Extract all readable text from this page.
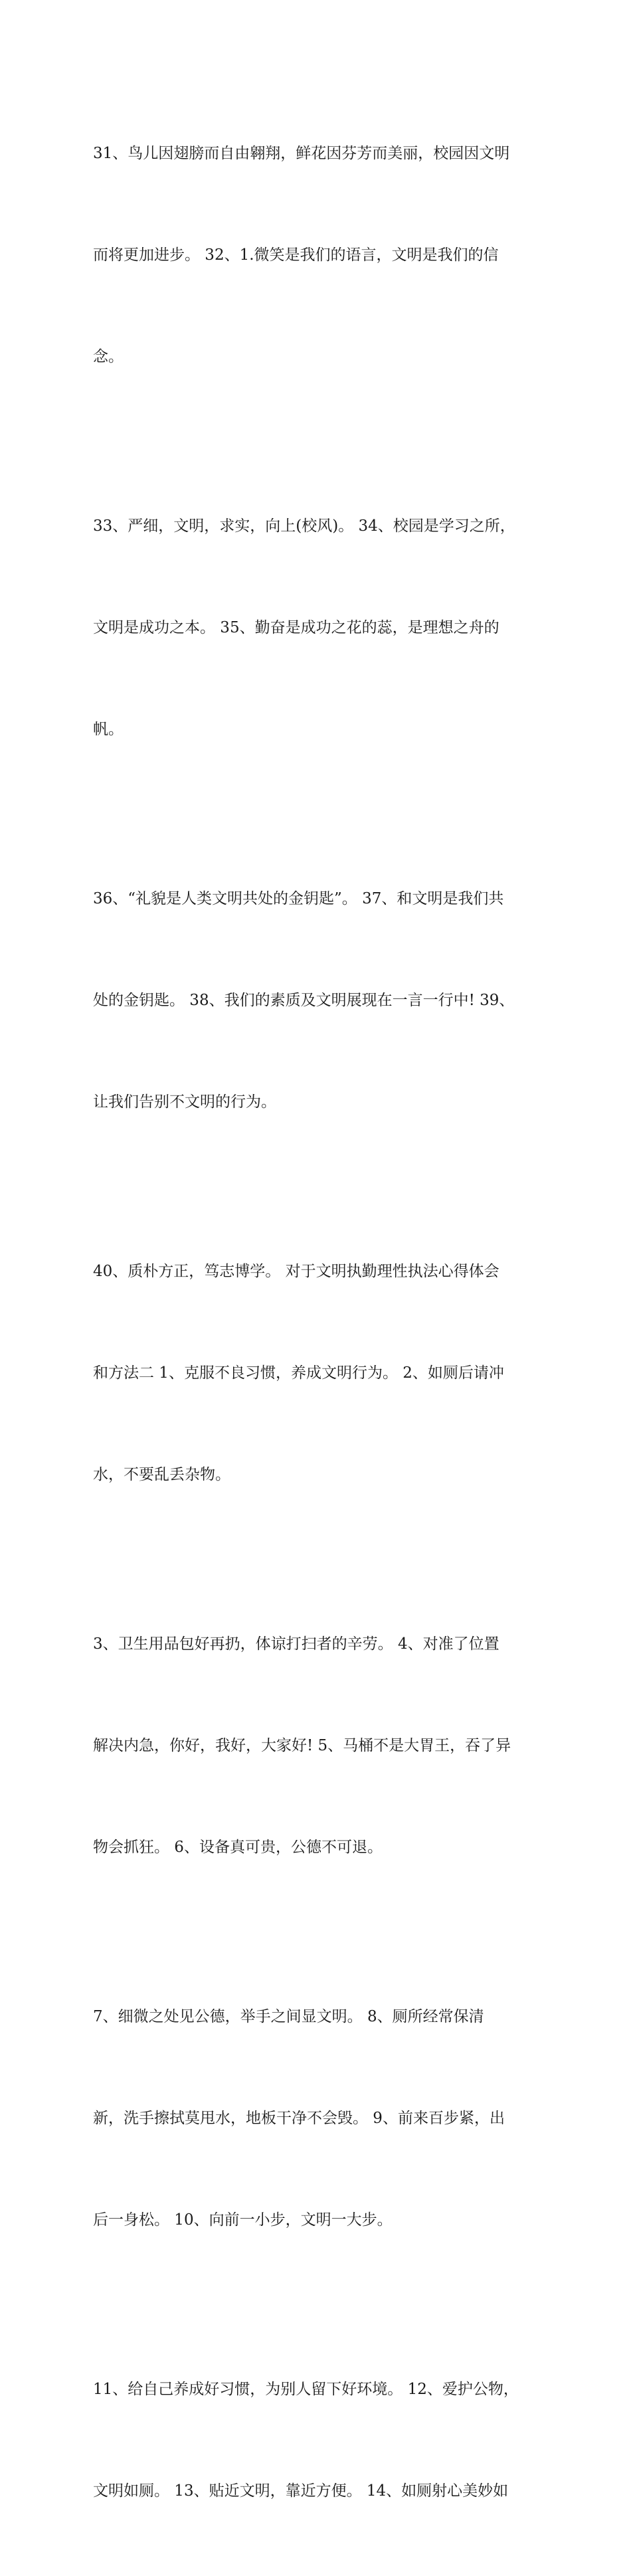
31、鸟儿因翅膀而自由翱翔，鲜花因芬芳而美丽，校园因文明

而将更加进步。 32、1.微笑是我们的语言，文明是我们的信

念。

33、严细，文明，求实，向上(校风)。 34、校园是学习之所，

文明是成功之本。 35、勤奋是成功之花的蕊，是理想之舟的

帆。

36、“礼貌是人类文明共处的金钥匙”。 37、和文明是我们共

处的金钥匙。 38、我们的素质及文明展现在一言一行中! 39、

让我们告别不文明的行为。

40、质朴方正，笃志博学。 对于文明执勤理性执法心得体会

和方法二 1、克服不良习惯，养成文明行为。 2、如厕后请冲

水，不要乱丢杂物。

3、卫生用品包好再扔，体谅打扫者的辛劳。 4、对准了位置

解决内急，你好，我好，大家好! 5、马桶不是大胃王，吞了异

物会抓狂。 6、设备真可贵，公德不可退。

7、细微之处见公德，举手之间显文明。 8、厕所经常保清

新，洗手擦拭莫甩水，地板干净不会毁。 9、前来百步紧，出

后一身松。 10、向前一小步，文明一大步。

11、给自己养成好习惯，为别人留下好环境。 12、爱护公物，

文明如厕。 13、贴近文明，靠近方便。 14、如厕射心美妙如
